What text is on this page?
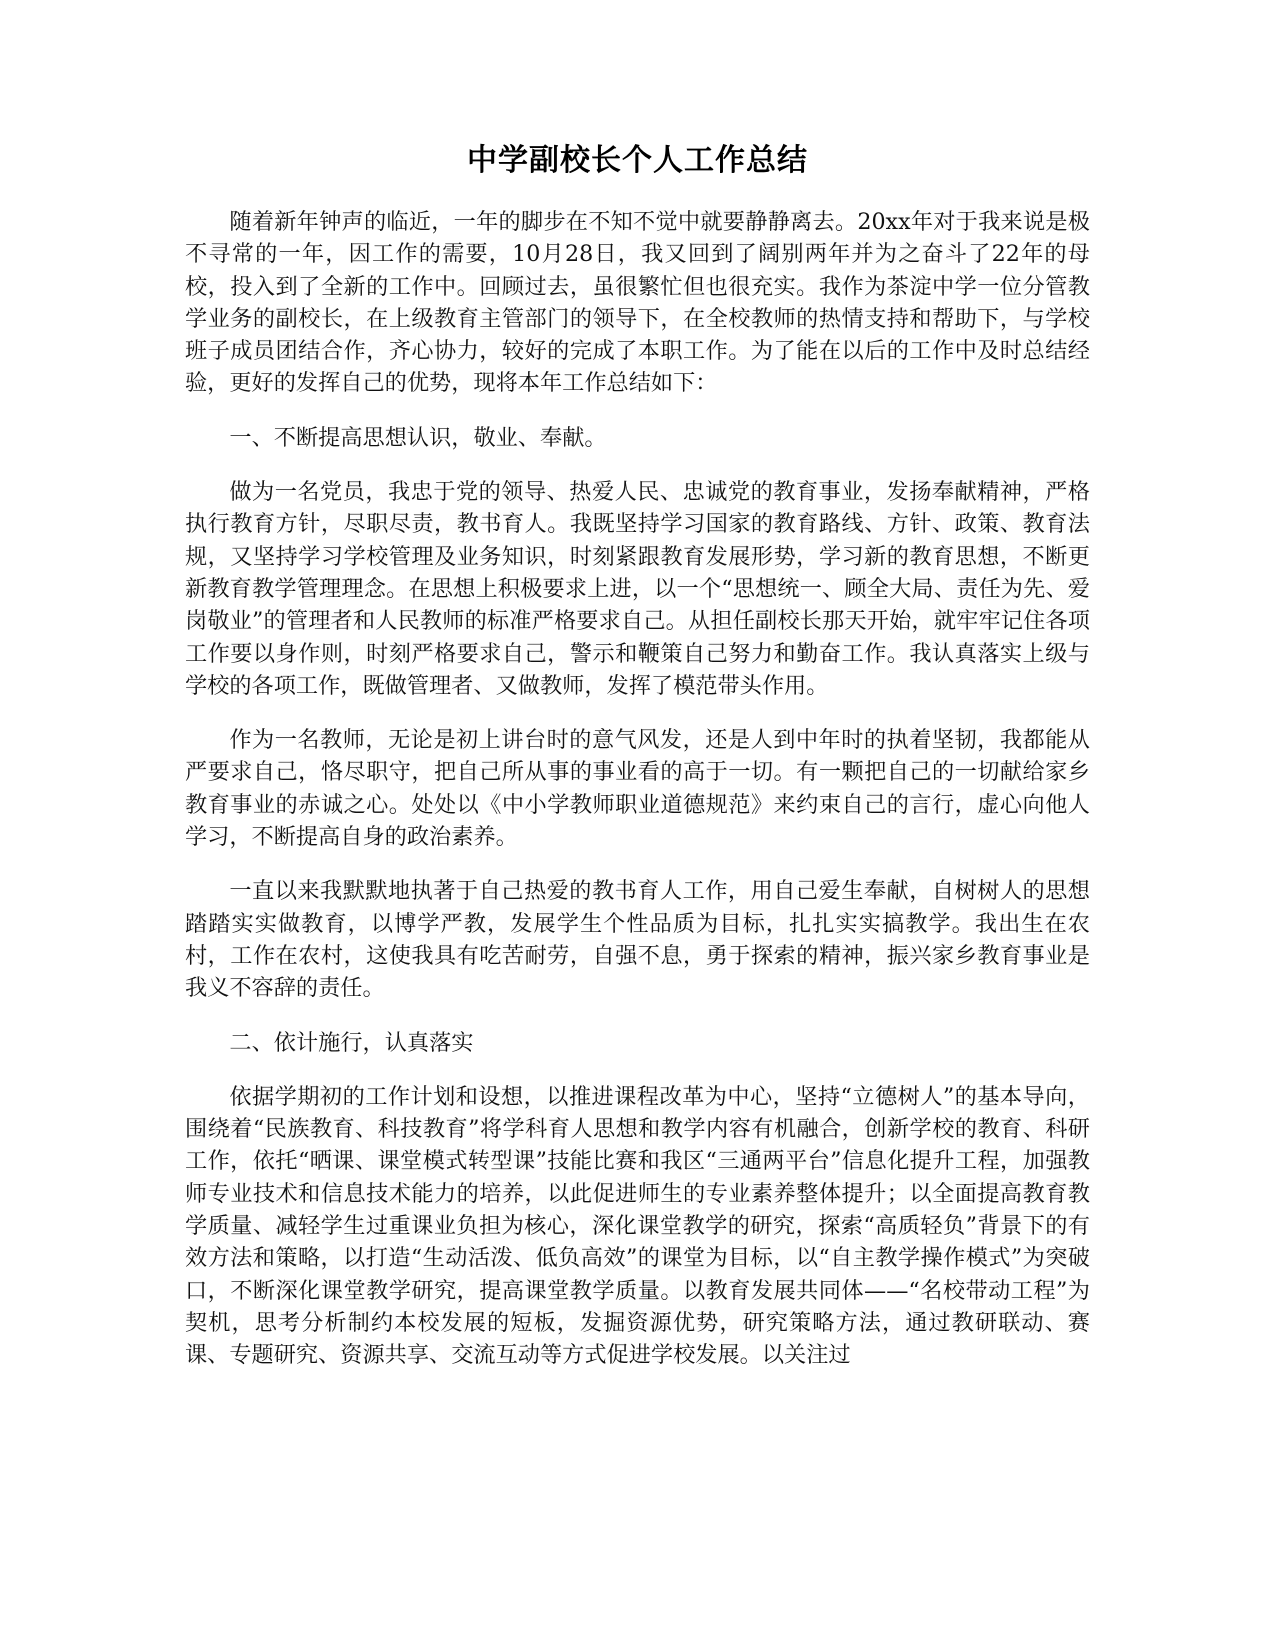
中学副校长个人工作总结

随着新年钟声的临近，一年的脚步在不知不觉中就要静静离去。20xx年对于我来说是极不寻常的一年，因工作的需要，10月28日，我又回到了阔别两年并为之奋斗了22年的母校，投入到了全新的工作中。回顾过去，虽很繁忙但也很充实。我作为茶淀中学一位分管教学业务的副校长，在上级教育主管部门的领导下，在全校教师的热情支持和帮助下，与学校班子成员团结合作，齐心协力，较好的完成了本职工作。为了能在以后的工作中及时总结经验，更好的发挥自己的优势，现将本年工作总结如下：

一、不断提高思想认识，敬业、奉献。

做为一名党员，我忠于党的领导、热爱人民、忠诚党的教育事业，发扬奉献精神，严格执行教育方针，尽职尽责，教书育人。我既坚持学习国家的教育路线、方针、政策、教育法规，又坚持学习学校管理及业务知识，时刻紧跟教育发展形势，学习新的教育思想，不断更新教育教学管理理念。在思想上积极要求上进，以一个“思想统一、顾全大局、责任为先、爱岗敬业”的管理者和人民教师的标准严格要求自己。从担任副校长那天开始，就牢牢记住各项工作要以身作则，时刻严格要求自己，警示和鞭策自己努力和勤奋工作。我认真落实上级与学校的各项工作，既做管理者、又做教师，发挥了模范带头作用。

作为一名教师，无论是初上讲台时的意气风发，还是人到中年时的执着坚韧，我都能从严要求自己，恪尽职守，把自己所从事的事业看的高于一切。有一颗把自己的一切献给家乡教育事业的赤诚之心。处处以《中小学教师职业道德规范》来约束自己的言行，虚心向他人学习，不断提高自身的政治素养。

一直以来我默默地执著于自己热爱的教书育人工作，用自己爱生奉献，自树树人的思想踏踏实实做教育，以博学严教，发展学生个性品质为目标，扎扎实实搞教学。我出生在农村，工作在农村，这使我具有吃苦耐劳，自强不息，勇于探索的精神，振兴家乡教育事业是我义不容辞的责任。

二、依计施行，认真落实

依据学期初的工作计划和设想，以推进课程改革为中心，坚持“立德树人”的基本导向，围绕着“民族教育、科技教育”将学科育人思想和教学内容有机融合，创新学校的教育、科研工作，依托“晒课、课堂模式转型课”技能比赛和我区“三通两平台”信息化提升工程，加强教师专业技术和信息技术能力的培养，以此促进师生的专业素养整体提升；以全面提高教育教学质量、减轻学生过重课业负担为核心，深化课堂教学的研究，探索“高质轻负”背景下的有效方法和策略，以打造“生动活泼、低负高效”的课堂为目标，以“自主教学操作模式”为突破口，不断深化课堂教学研究，提高课堂教学质量。以教育发展共同体——“名校带动工程”为契机，思考分析制约本校发展的短板，发掘资源优势，研究策略方法，通过教研联动、赛课、专题研究、资源共享、交流互动等方式促进学校发展。以关注过
